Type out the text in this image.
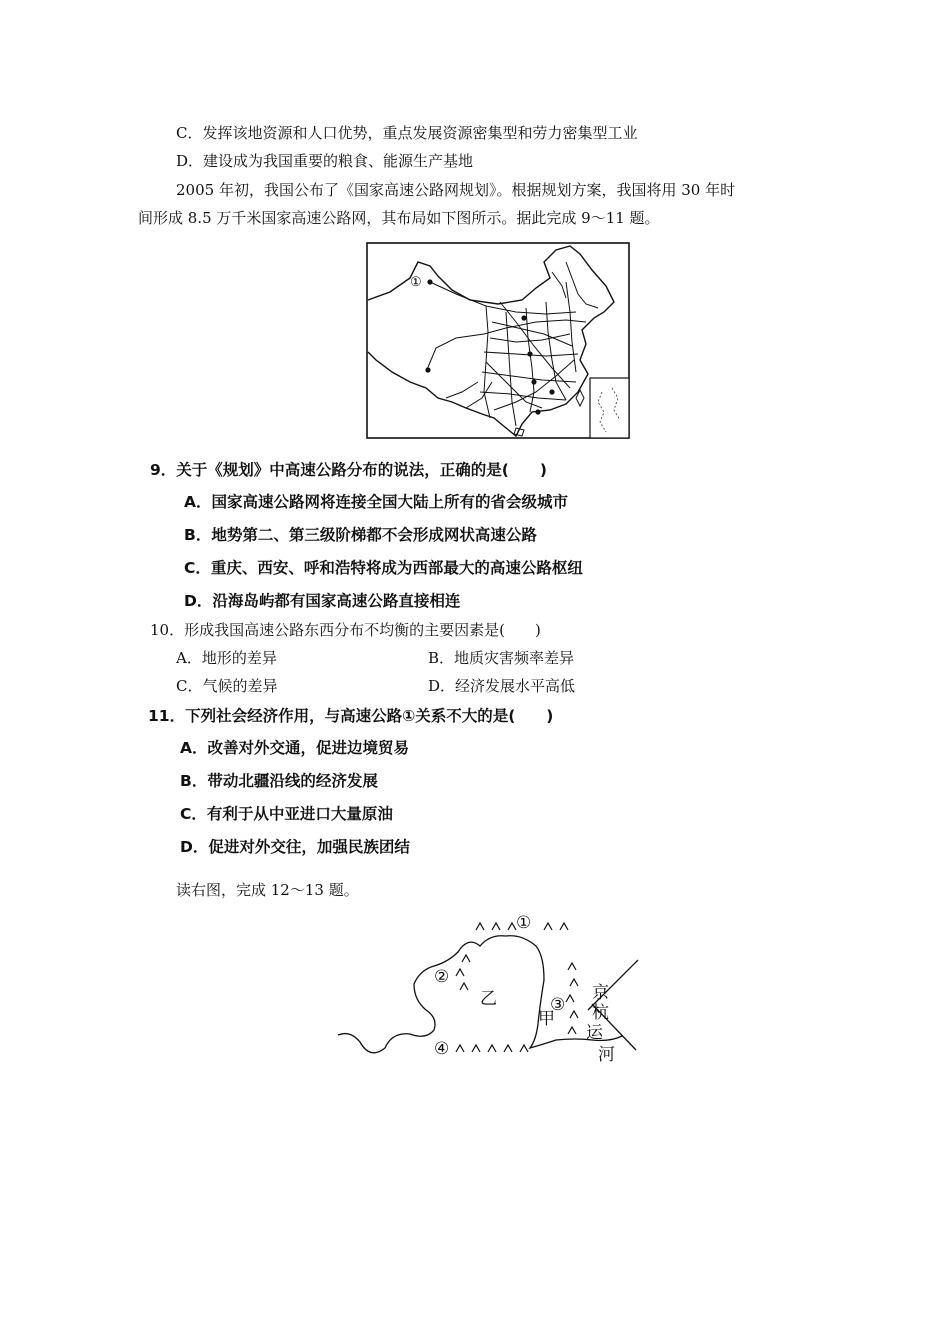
C．发挥该地资源和人口优势，重点发展资源密集型和劳力密集型工业
D．建设成为我国重要的粮食、能源生产基地
2005 年初，我国公布了《国家高速公路网规划》。根据规划方案，我国将用 30 年时
间形成 8.5 万千米国家高速公路网，其布局如下图所示。据此完成 9～11 题。
①
9．关于《规划》中高速公路分布的说法，正确的是(　　)
A．国家高速公路网将连接全国大陆上所有的省会级城市
B．地势第二、第三级阶梯都不会形成网状高速公路
C．重庆、西安、呼和浩特将成为西部最大的高速公路枢纽
D．沿海岛屿都有国家高速公路直接相连
10．形成我国高速公路东西分布不均衡的主要因素是(　　)
A．地形的差异	B．地质灾害频率差异
C．气候的差异	D．经济发展水平高低
11．下列社会经济作用，与高速公路①关系不大的是(　　)
A．改善对外交通，促进边境贸易
B．带动北疆沿线的经济发展
C．有利于从中亚进口大量原油
D．促进对外交往，加强民族团结
读右图，完成 12～13 题。
①
②
③
④
乙
甲
京
杭
运
河
